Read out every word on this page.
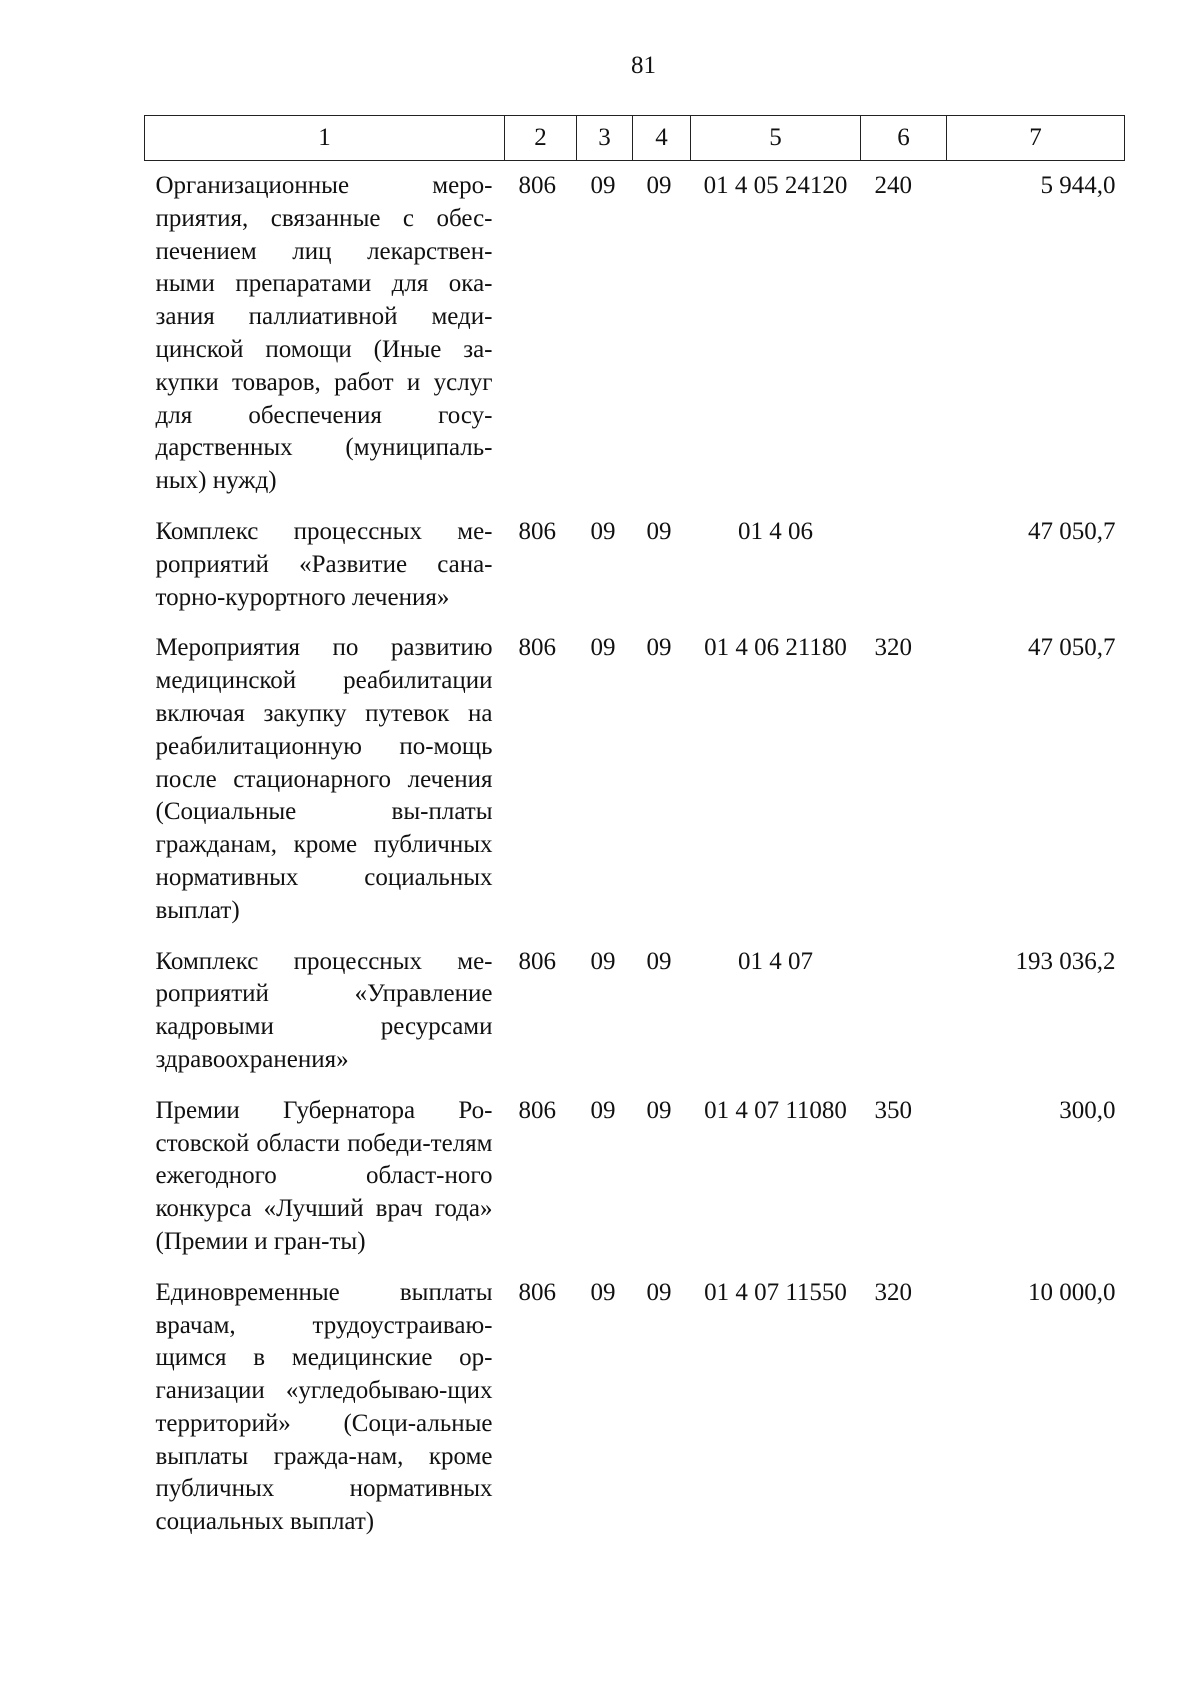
81
1	2	3	4	5	6	7
Организационные меро-приятия, связанные с обес-печением лиц лекарствен-ными препаратами для ока-зания паллиативной меди-цинской помощи (Иные за-купки товаров, работ и услуг для обеспечения госу-дарственных (муниципаль-ных) нужд)	806	09	09	01 4 05 24120	240	5 944,0
Комплекс процессных ме-роприятий «Развитие сана-торно-курортного лечения»	806	09	09	01 4 06		47 050,7
Мероприятия по развитию медицинской реабилитации включая закупку путевок на реабилитационную по-мощь после стационарного лечения (Социальные вы-платы гражданам, кроме публичных нормативных социальных выплат)	806	09	09	01 4 06 21180	320	47 050,7
Комплекс процессных ме-роприятий «Управление кадровыми ресурсами здравоохранения»	806	09	09	01 4 07		193 036,2
Премии Губернатора Ро-стовской области победи-телям ежегодного област-ного конкурса «Лучший врач года» (Премии и гран-ты)	806	09	09	01 4 07 11080	350	300,0
Единовременные выплаты врачам, трудоустраиваю-щимся в медицинские ор-ганизации «угледобываю-щих территорий» (Соци-альные выплаты гражда-нам, кроме публичных нормативных социальных выплат)	806	09	09	01 4 07 11550	320	10 000,0
